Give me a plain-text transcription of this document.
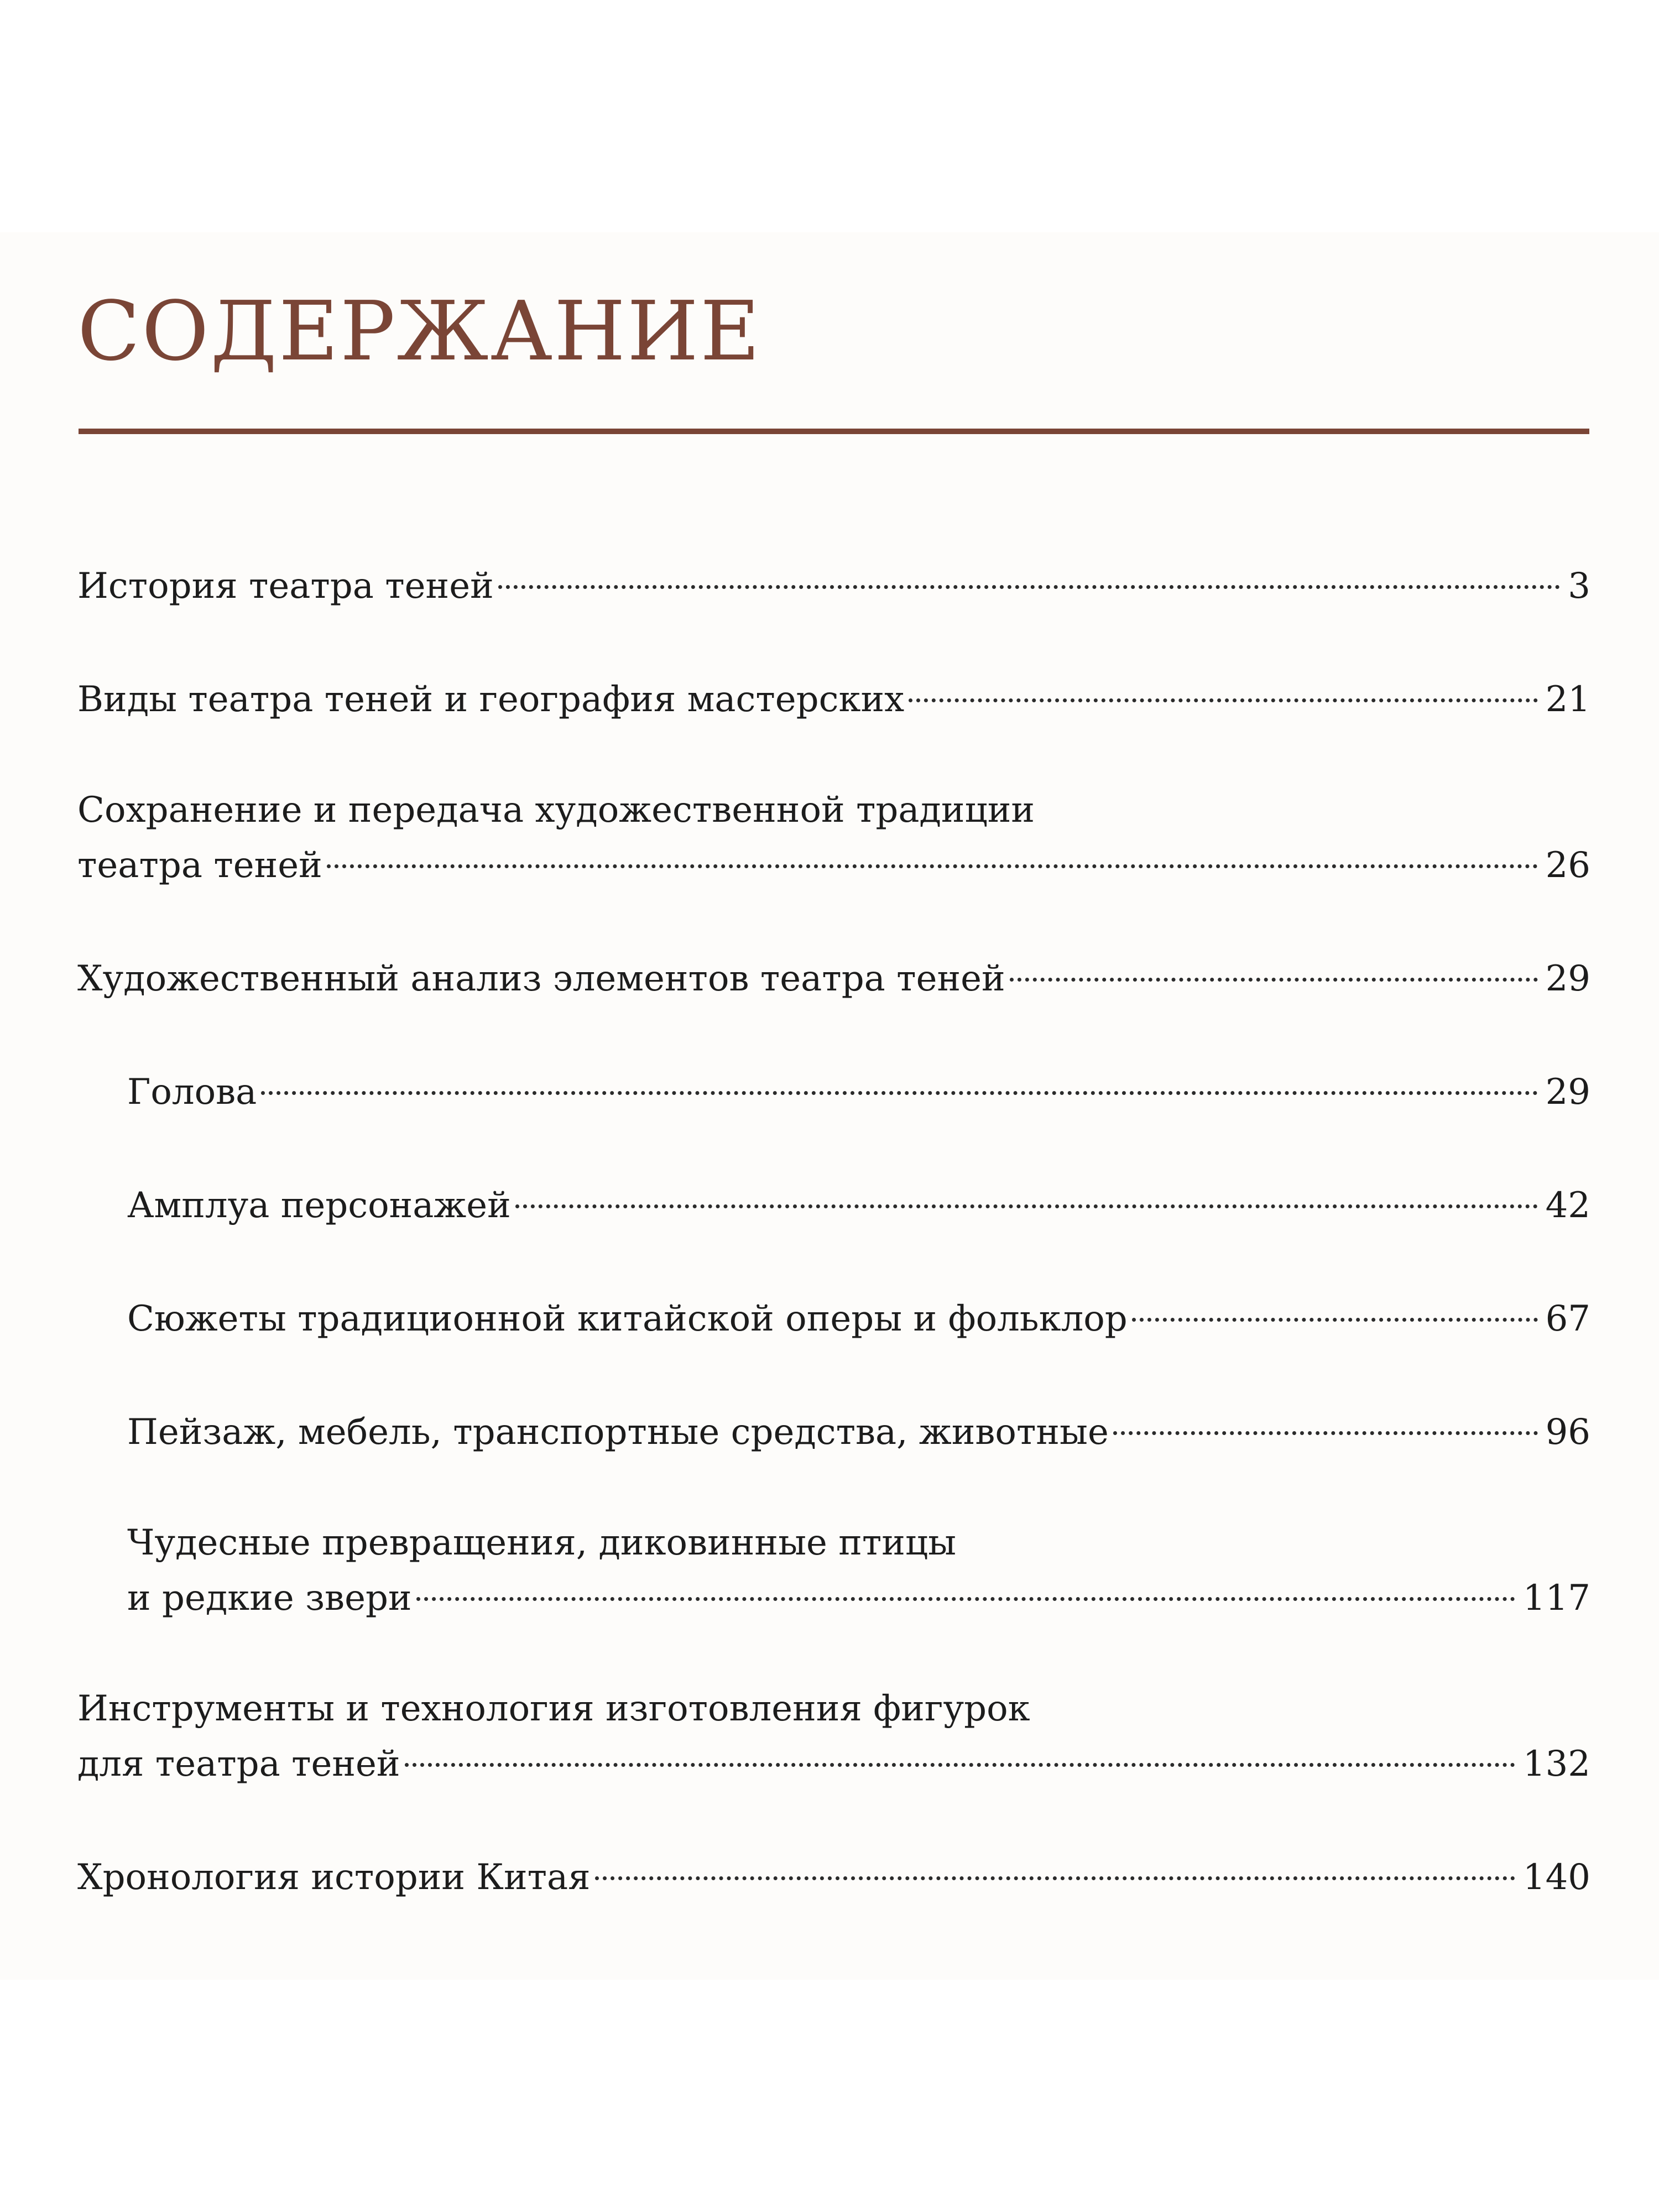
СОДЕРЖАНИЕ
История театра теней	3
Виды театра теней и география мастерских	21
Сохранение и передача художественной традиции
театра теней	26
Художественный анализ элементов театра теней	29
Голова	29
Амплуа персонажей	42
Сюжеты традиционной китайской оперы и фольклор	67
Пейзаж, мебель, транспортные средства, животные	96
Чудесные превращения, диковинные птицы
и редкие звери	117
Инструменты и технология изготовления фигурок
для театра теней	132
Хронология истории Китая	140
